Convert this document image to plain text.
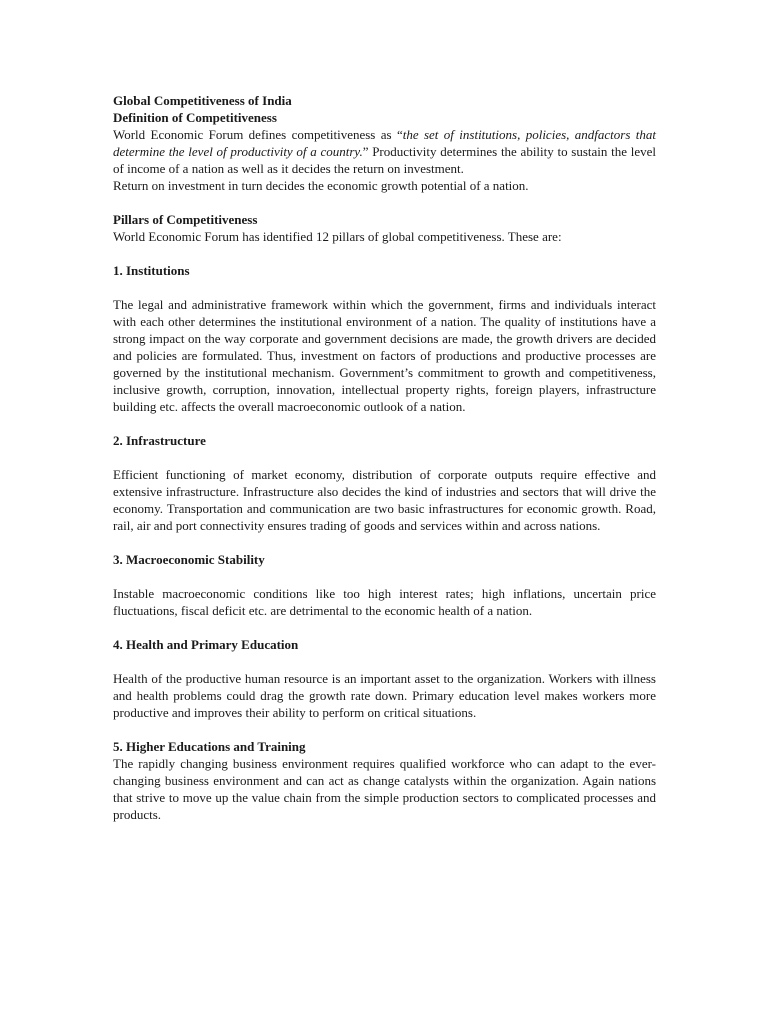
Global Competitiveness of India
Definition of Competitiveness

World Economic Forum defines competitiveness as “the set of institutions, policies, andfactors that determine the level of productivity of a country.” Productivity determines the ability to sustain the level of income of a nation as well as it decides the return on investment.

Return on investment in turn decides the economic growth potential of a nation.

Pillars of Competitiveness

World Economic Forum has identified 12 pillars of global competitiveness. These are:

1. Institutions

The legal and administrative framework within which the government, firms and individuals interact with each other determines the institutional environment of a nation. The quality of institutions have a strong impact on the way corporate and government decisions are made, the growth drivers are decided and policies are formulated. Thus, investment on factors of productions and productive processes are governed by the institutional mechanism. Government’s commitment to growth and competitiveness, inclusive growth, corruption, innovation, intellectual property rights, foreign players, infrastructure building etc. affects the overall macroeconomic outlook of a nation.

2. Infrastructure

Efficient functioning of market economy, distribution of corporate outputs require effective and extensive infrastructure. Infrastructure also decides the kind of industries and sectors that will drive the economy. Transportation and communication are two basic infrastructures for economic growth. Road, rail, air and port connectivity ensures trading of goods and services within and across nations.

3. Macroeconomic Stability

Instable macroeconomic conditions like too high interest rates; high inflations, uncertain price fluctuations, fiscal deficit etc. are detrimental to the economic health of a nation.

4. Health and Primary Education

Health of the productive human resource is an important asset to the organization. Workers with illness and health problems could drag the growth rate down. Primary education level makes workers more productive and improves their ability to perform on critical situations.

5. Higher Educations and Training

The rapidly changing business environment requires qualified workforce who can adapt to the ever-changing business environment and can act as change catalysts within the organization. Again nations that strive to move up the value chain from the simple production sectors to complicated processes and products.
